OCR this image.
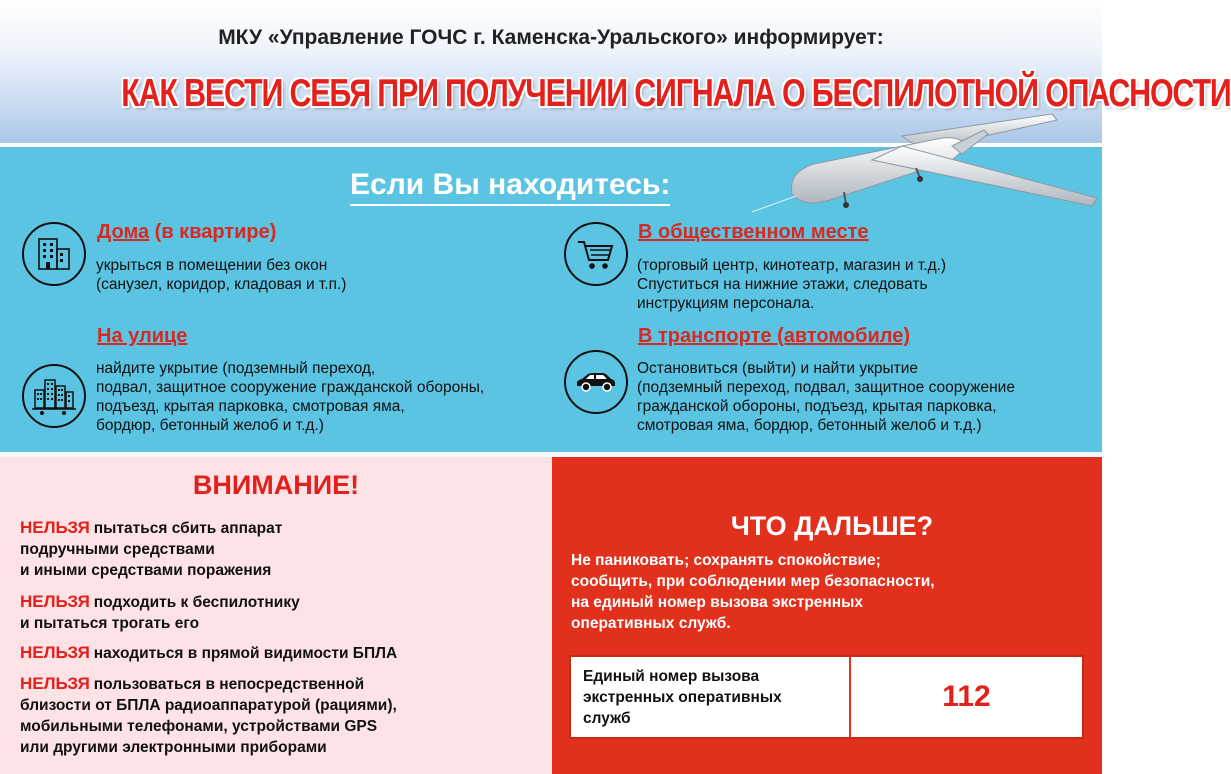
МКУ «Управление ГОЧС г. Каменска-Уральского» информирует:
КАК ВЕСТИ СЕБЯ ПРИ ПОЛУЧЕНИИ СИГНАЛА О БЕСПИЛОТНОЙ ОПАСНОСТИ
Если Вы находитесь:
Дома (в квартире)
укрыться в помещении без окон
(санузел, коридор, кладовая и т.п.)
В общественном месте
(торговый центр, кинотеатр, магазин и т.д.)
Спуститься на нижние этажи, следовать
инструкциям персонала.
На улице
найдите укрытие (подземный переход,
подвал, защитное сооружение гражданской обороны,
подъезд, крытая парковка, смотровая яма,
бордюр, бетонный желоб и т.д.)
В транспорте (автомобиле)
Остановиться (выйти) и найти укрытие
(подземный переход, подвал, защитное сооружение
гражданской обороны, подъезд, крытая парковка,
смотровая яма, бордюр, бетонный желоб и т.д.)
ВНИМАНИЕ!
НЕЛЬЗЯ пытаться сбить аппарат
подручными средствами
и иными средствами поражения
НЕЛЬЗЯ подходить к беспилотнику
и пытаться трогать его
НЕЛЬЗЯ находиться в прямой видимости БПЛА
НЕЛЬЗЯ пользоваться в непосредственной
близости от БПЛА радиоаппаратурой (рациями),
мобильными телефонами, устройствами GPS
или другими электронными приборами
ЧТО ДАЛЬШЕ?
Не паниковать; сохранять спокойствие;
сообщить, при соблюдении мер безопасности,
на единый номер вызова экстренных
оперативных служб.
Единый номер вызова
экстренных оперативных
служб
112
